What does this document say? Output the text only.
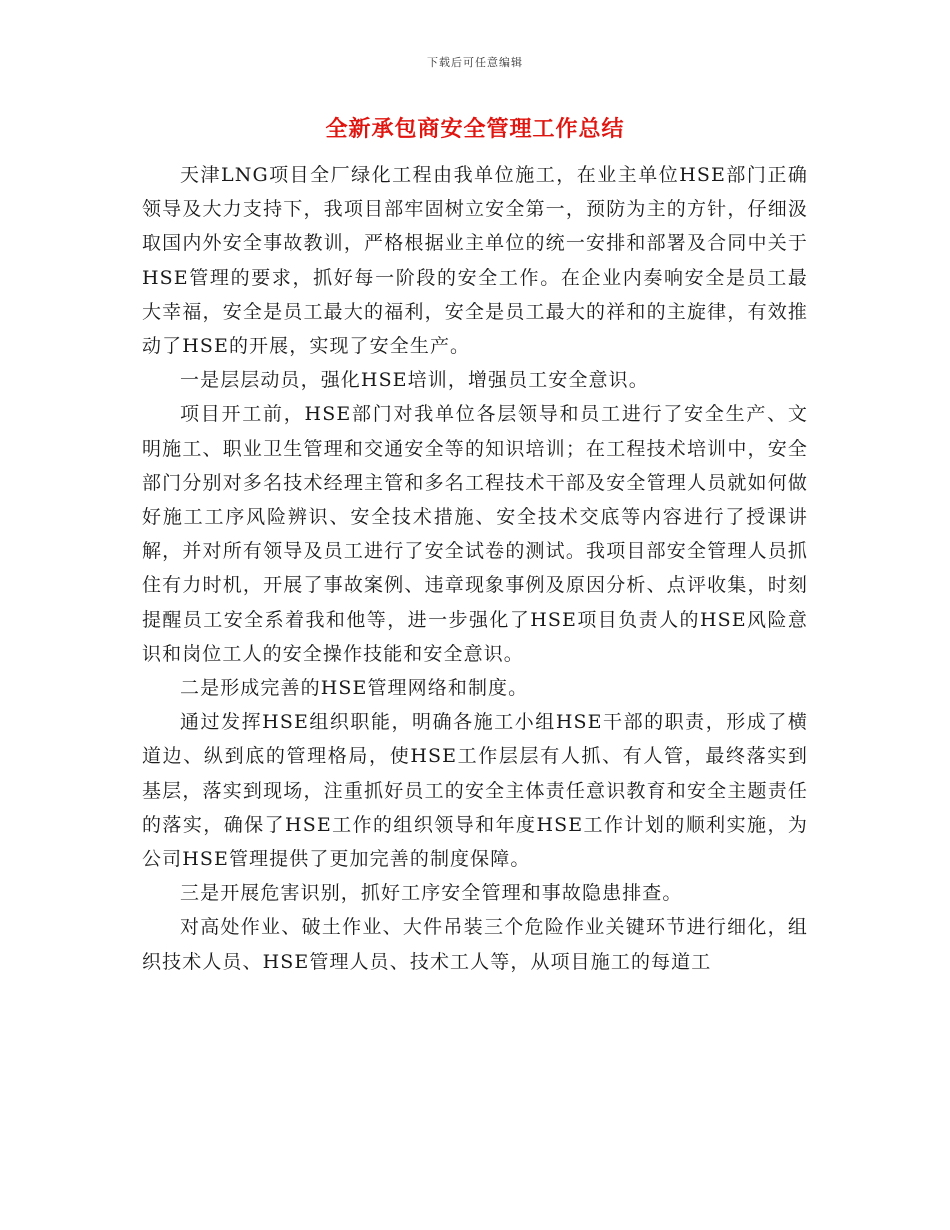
下载后可任意编辑
全新承包商安全管理工作总结

天津LNG项目全厂绿化工程由我单位施工，在业主单位HSE部门正确领导及大力支持下，我项目部牢固树立安全第一，预防为主的方针，仔细汲取国内外安全事故教训，严格根据业主单位的统一安排和部署及合同中关于HSE管理的要求，抓好每一阶段的安全工作。在企业内奏响安全是员工最大幸福，安全是员工最大的福利，安全是员工最大的祥和的主旋律，有效推动了HSE的开展，实现了安全生产。

一是层层动员，强化HSE培训，增强员工安全意识。

项目开工前，HSE部门对我单位各层领导和员工进行了安全生产、文明施工、职业卫生管理和交通安全等的知识培训；在工程技术培训中，安全部门分别对多名技术经理主管和多名工程技术干部及安全管理人员就如何做好施工工序风险辨识、安全技术措施、安全技术交底等内容进行了授课讲解，并对所有领导及员工进行了安全试卷的测试。我项目部安全管理人员抓住有力时机，开展了事故案例、违章现象事例及原因分析、点评收集，时刻提醒员工安全系着我和他等，进一步强化了HSE项目负责人的HSE风险意识和岗位工人的安全操作技能和安全意识。

二是形成完善的HSE管理网络和制度。

通过发挥HSE组织职能，明确各施工小组HSE干部的职责，形成了横道边、纵到底的管理格局，使HSE工作层层有人抓、有人管，最终落实到基层，落实到现场，注重抓好员工的安全主体责任意识教育和安全主题责任的落实，确保了HSE工作的组织领导和年度HSE工作计划的顺利实施，为公司HSE管理提供了更加完善的制度保障。

三是开展危害识别，抓好工序安全管理和事故隐患排查。

对高处作业、破土作业、大件吊装三个危险作业关键环节进行细化，组织技术人员、HSE管理人员、技术工人等，从项目施工的每道工
